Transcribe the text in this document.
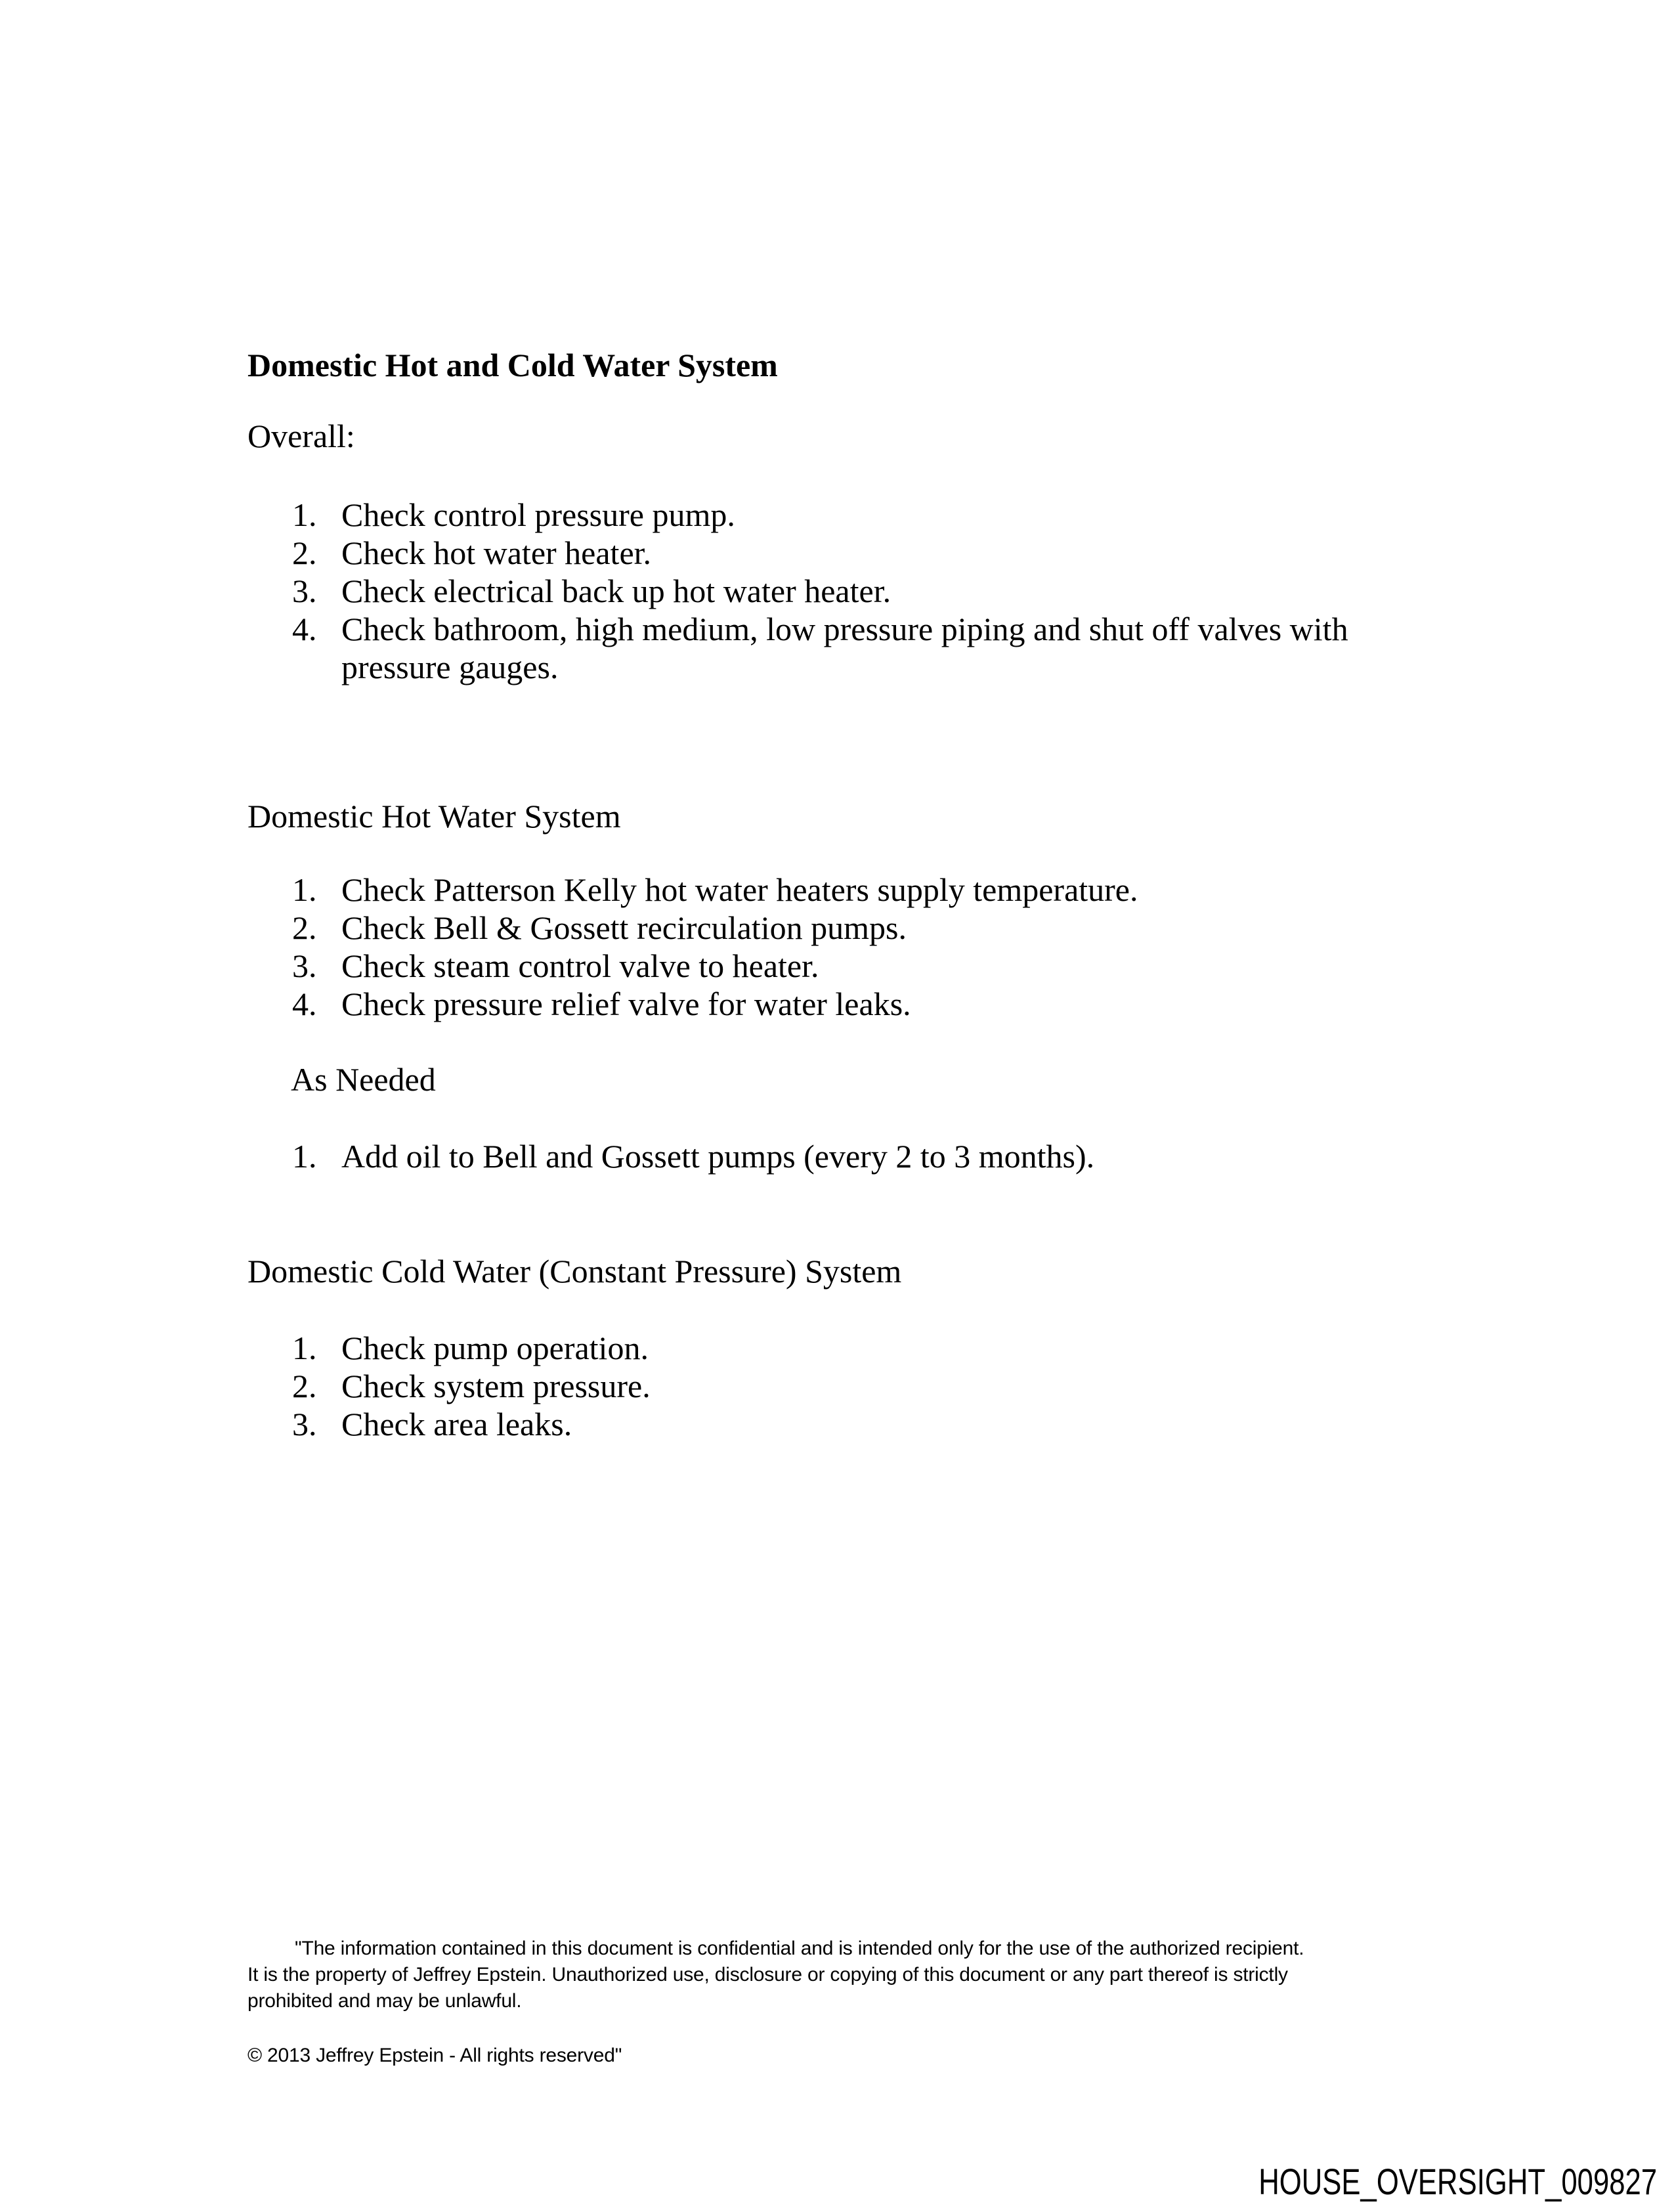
Domestic Hot and Cold Water System

Overall:

Check control pressure pump.
Check hot water heater.
Check electrical back up hot water heater.
Check bathroom, high medium, low pressure piping and shut off valves with pressure gauges.

Domestic Hot Water System

Check Patterson Kelly hot water heaters supply temperature.
Check Bell & Gossett recirculation pumps.
Check steam control valve to heater.
Check pressure relief valve for water leaks.

As Needed

Add oil to Bell and Gossett pumps (every 2 to 3 months).

Domestic Cold Water (Constant Pressure) System

Check pump operation.
Check system pressure.
Check area leaks.
"The information contained in this document is confidential and is intended only for the use of the authorized recipient.
It is the property of Jeffrey Epstein. Unauthorized use, disclosure or copying of this document or any part thereof is strictly
prohibited and may be unlawful.
© 2013 Jeffrey Epstein - All rights reserved"
HOUSE_OVERSIGHT_009827
